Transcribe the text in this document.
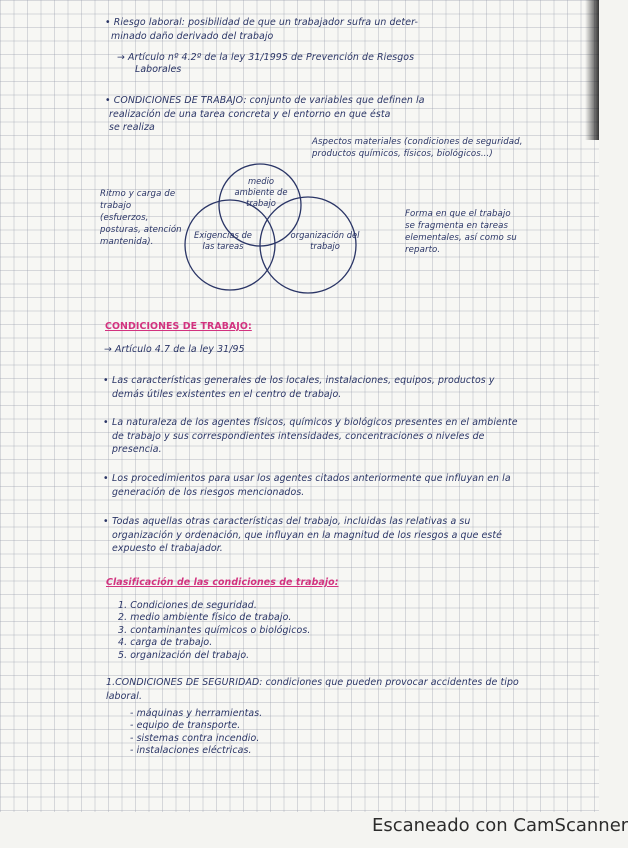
• Riesgo laboral: posibilidad de que un trabajador sufra un deter-
minado daño derivado del trabajo
→ Artículo nº 4.2º de la ley 31/1995 de Prevención de Riesgos
Laborales
• CONDICIONES DE TRABAJO: conjunto de variables que definen la
realización de una tarea concreta y el entorno en que ésta
se realiza
Aspectos materiales (condiciones de seguridad, productos químicos, físicos, biológicos...)
Ritmo y carga de trabajo (esfuerzos, posturas, atención mantenida).
Forma en que el trabajo se fragmenta en tareas elementales, así como su reparto.
medio ambiente de trabajo
Exigencias de las tareas
organización del trabajo
CONDICIONES DE TRABAJO:
→ Artículo 4.7 de la ley 31/95
• Las características generales de los locales, instalaciones, equipos, productos y demás útiles existentes en el centro de trabajo.
• La naturaleza de los agentes físicos, químicos y biológicos presentes en el ambiente de trabajo y sus correspondientes intensidades, concentraciones o niveles de presencia.
• Los procedimientos para usar los agentes citados anteriormente que influyan en la generación de los riesgos mencionados.
• Todas aquellas otras características del trabajo, incluidas las relativas a su organización y ordenación, que influyan en la magnitud de los riesgos a que esté expuesto el trabajador.
Clasificación de las condiciones de trabajo:
1. Condiciones de seguridad.
2. medio ambiente físico de trabajo.
3. contaminantes químicos o biológicos.
4. carga de trabajo.
5. organización del trabajo.
1.CONDICIONES DE SEGURIDAD: condiciones que pueden provocar accidentes de tipo laboral.
- máquinas y herramientas.
- equipo de transporte.
- sistemas contra incendio.
- instalaciones eléctricas.
Escaneado con CamScanner
